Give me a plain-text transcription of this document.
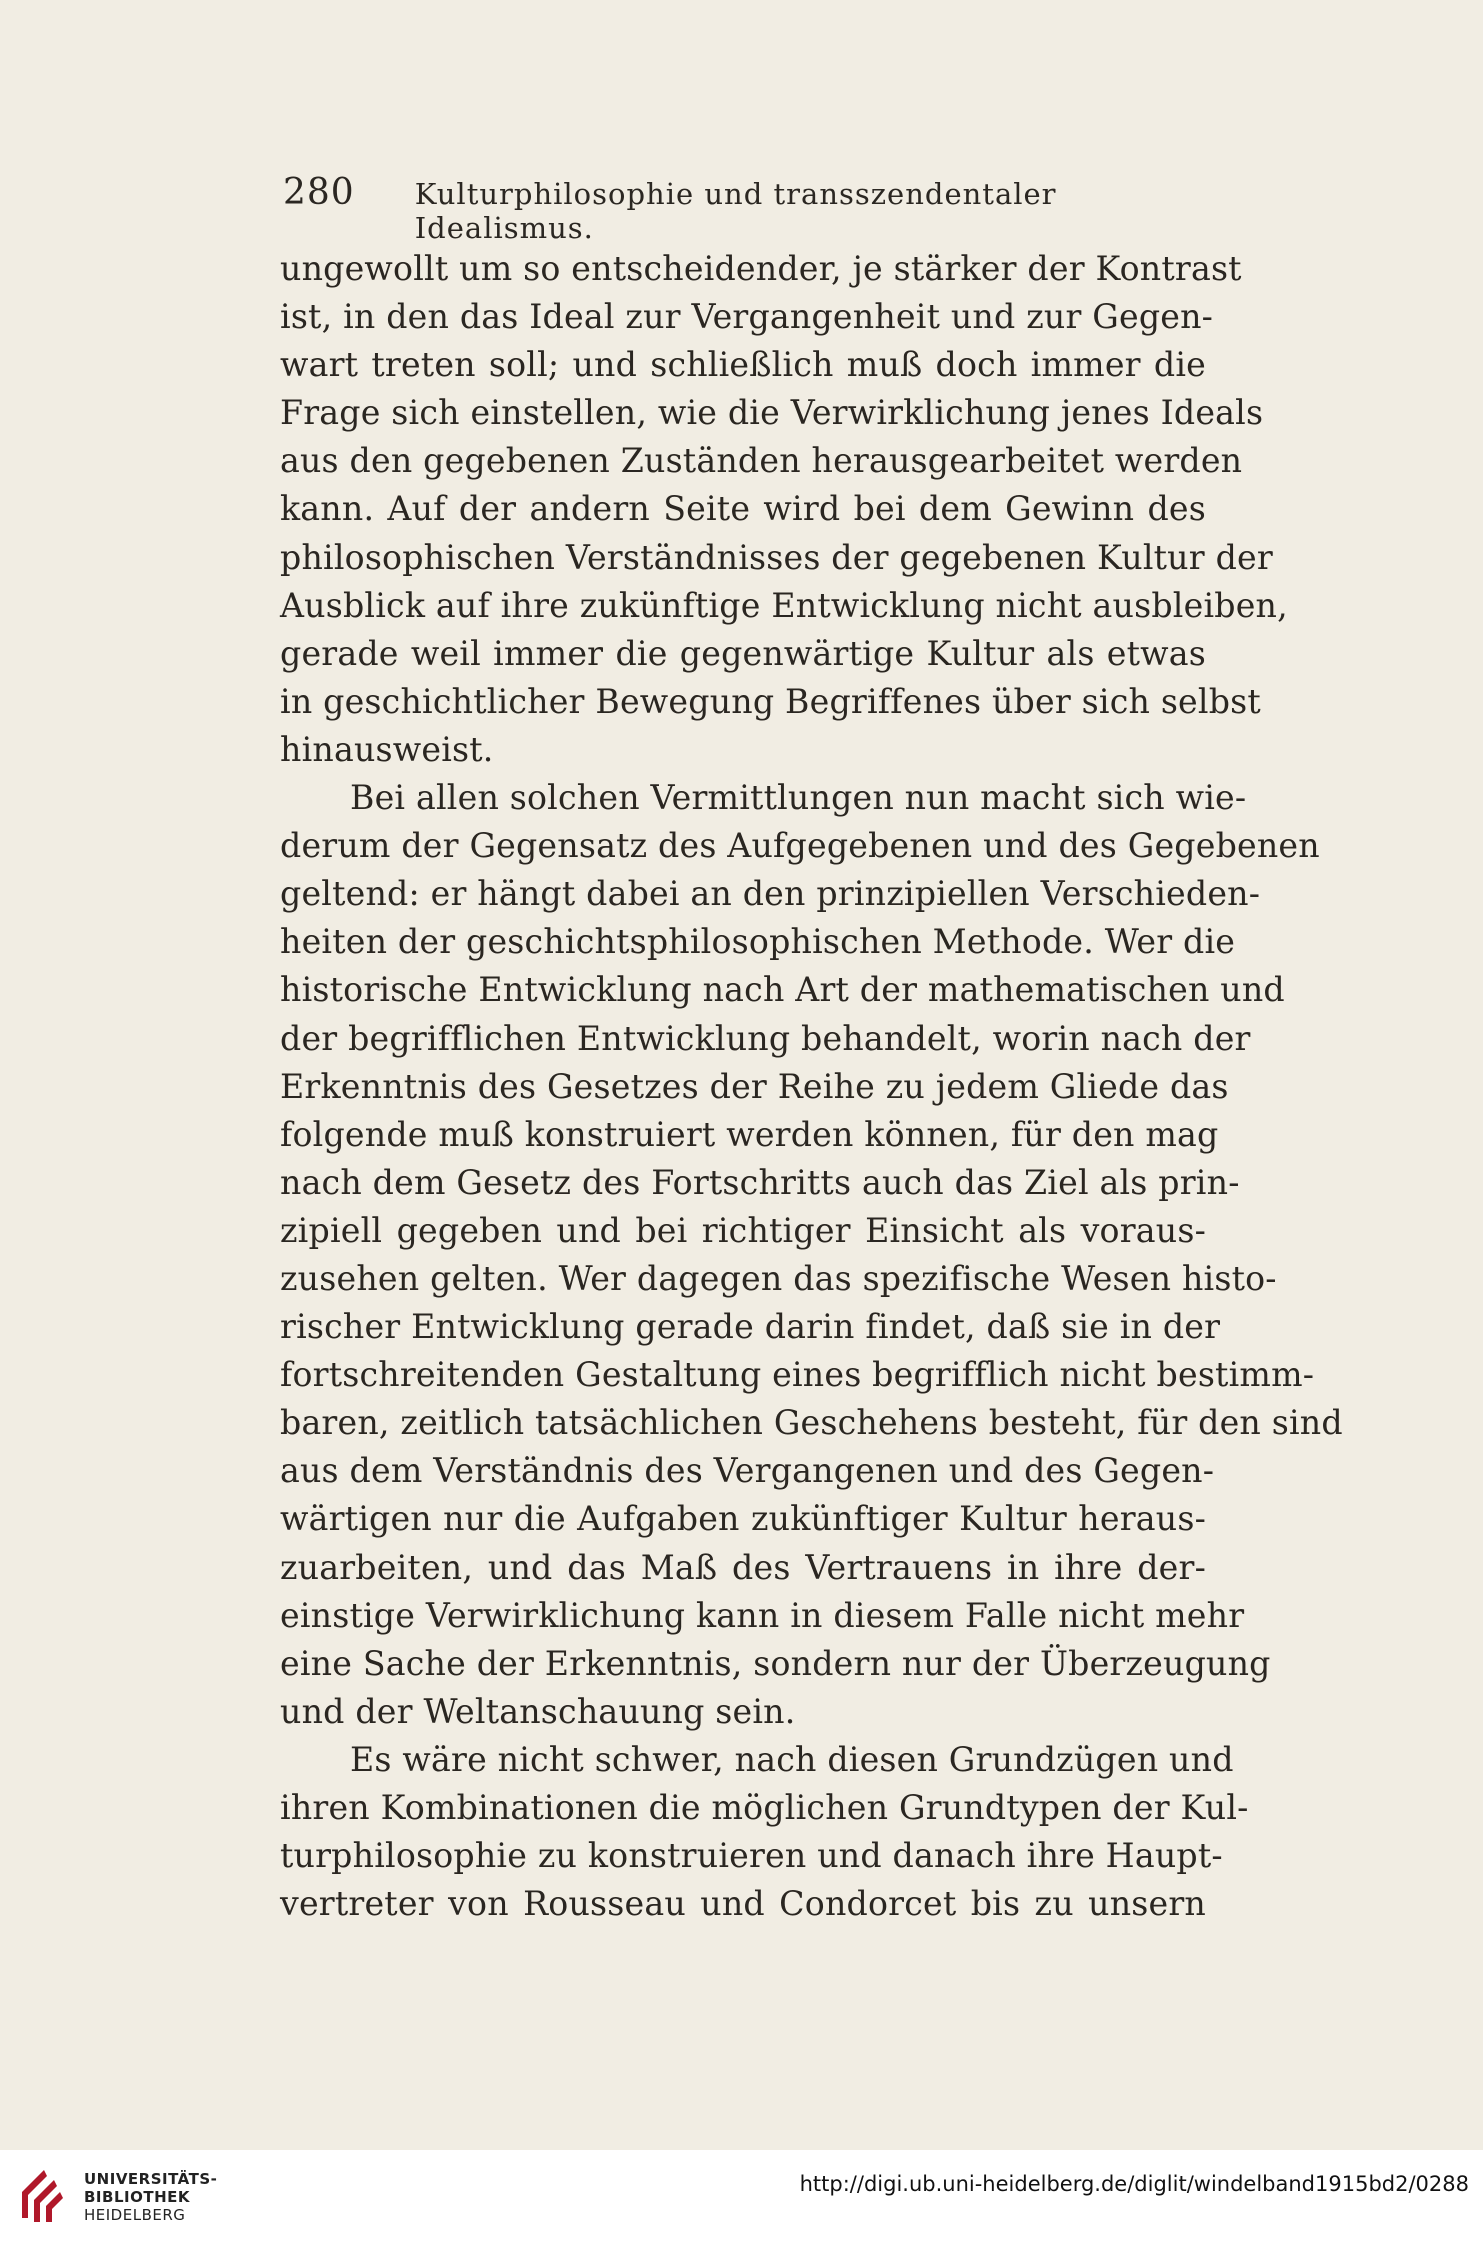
280 Kulturphilosophie und transszendentaler Idealismus.
ungewollt um so entscheidender, je stärker der Kontrast
ist, in den das Ideal zur Vergangenheit und zur Gegen-
wart treten soll; und schließlich muß doch immer die
Frage sich einstellen, wie die Verwirklichung jenes Ideals
aus den gegebenen Zuständen herausgearbeitet werden
kann. Auf der andern Seite wird bei dem Gewinn des
philosophischen Verständnisses der gegebenen Kultur der
Ausblick auf ihre zukünftige Entwicklung nicht ausbleiben,
gerade weil immer die gegenwärtige Kultur als etwas
in geschichtlicher Bewegung Begriffenes über sich selbst
hinausweist.
Bei allen solchen Vermittlungen nun macht sich wie-
derum der Gegensatz des Aufgegebenen und des Gegebenen
geltend: er hängt dabei an den prinzipiellen Verschieden-
heiten der geschichtsphilosophischen Methode. Wer die
historische Entwicklung nach Art der mathematischen und
der begrifflichen Entwicklung behandelt, worin nach der
Erkenntnis des Gesetzes der Reihe zu jedem Gliede das
folgende muß konstruiert werden können, für den mag
nach dem Gesetz des Fortschritts auch das Ziel als prin-
zipiell gegeben und bei richtiger Einsicht als voraus-
zusehen gelten. Wer dagegen das spezifische Wesen histo-
rischer Entwicklung gerade darin findet, daß sie in der
fortschreitenden Gestaltung eines begrifflich nicht bestimm-
baren, zeitlich tatsächlichen Geschehens besteht, für den sind
aus dem Verständnis des Vergangenen und des Gegen-
wärtigen nur die Aufgaben zukünftiger Kultur heraus-
zuarbeiten, und das Maß des Vertrauens in ihre der-
einstige Verwirklichung kann in diesem Falle nicht mehr
eine Sache der Erkenntnis, sondern nur der Überzeugung
und der Weltanschauung sein.
Es wäre nicht schwer, nach diesen Grundzügen und
ihren Kombinationen die möglichen Grundtypen der Kul-
turphilosophie zu konstruieren und danach ihre Haupt-
vertreter von Rousseau und Condorcet bis zu unsern
UNIVERSITÄTS-
BIBLIOTHEK
HEIDELBERG
http://digi.ub.uni-heidelberg.de/diglit/windelband1915bd2/0288
